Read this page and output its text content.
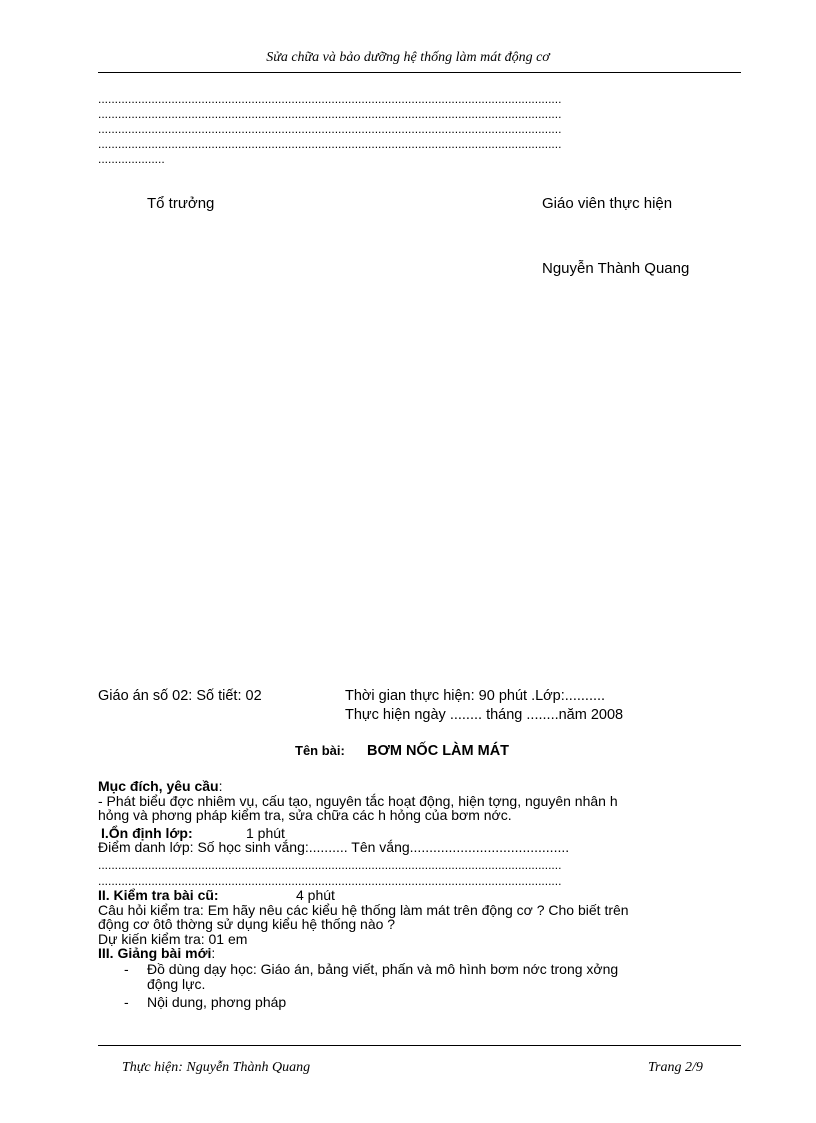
Sửa chữa và bảo dưỡng hệ thống làm mát động cơ
...........................................................................................................................................
...........................................................................................................................................
...........................................................................................................................................
...........................................................................................................................................
....................
Tổ trưởng	Giáo viên thực hiện
Nguyễn Thành Quang
Giáo án số 02: Số tiết: 02	Thời gian thực hiện: 90 phút .Lớp:..........
Thực hiện ngày ........ tháng ........năm 2008
Tên bài: BƠM NỐC LÀM MÁT
Mục đích, yêu cầu:
- Phát biểu đợc nhiêm vụ, cấu tạo, nguyên tắc hoạt động, hiện tợng, nguyên nhân h
hỏng và phơng pháp kiểm tra, sửa chữa các h hỏng của bơm nớc.
I.Ổn định lớp:	1 phút
Điểm danh lớp: Số học sinh vắng:.......... Tên vắng.........................................
...........................................................................................................................................
...........................................................................................................................................
II. Kiểm tra bài cũ:	4 phút
Câu hỏi kiểm tra: Em hãy nêu các kiểu hệ thống làm mát trên động cơ ? Cho biết trên
động cơ ôtô thờng sử dụng kiểu hệ thống nào ?
Dự kiến kiểm tra: 01 em
III. Giảng bài mới:
- Đồ dùng dạy học: Giáo án, bảng viết, phấn và mô hình bơm nớc trong xởng
động lực.
- Nội dung, phơng pháp
Thực hiện: Nguyễn Thành Quang	Trang 2/9
